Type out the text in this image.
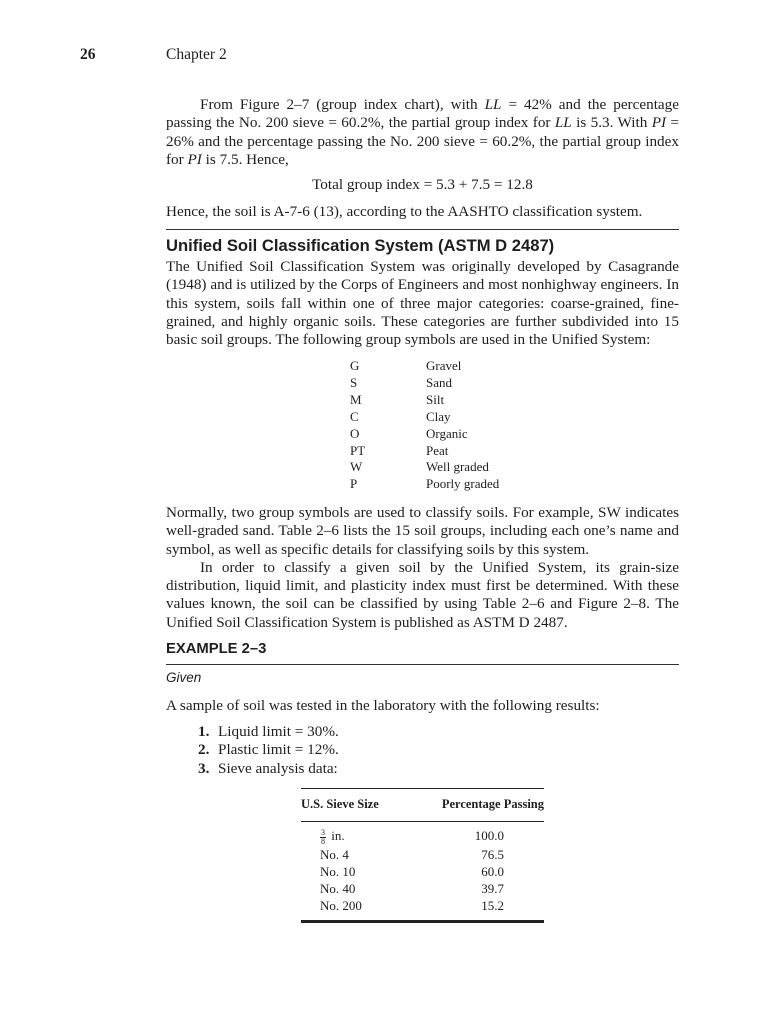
26	Chapter 2

From Figure 2–7 (group index chart), with LL = 42% and the percentage passing the No. 200 sieve = 60.2%, the partial group index for LL is 5.3. With PI = 26% and the percentage passing the No. 200 sieve = 60.2%, the partial group index for PI is 7.5. Hence,

Total group index = 5.3 + 7.5 = 12.8

Hence, the soil is A-7-6 (13), according to the AASHTO classification system.

Unified Soil Classification System (ASTM D 2487)

The Unified Soil Classification System was originally developed by Casagrande (1948) and is utilized by the Corps of Engineers and most nonhighway engineers. In this system, soils fall within one of three major categories: coarse-grained, fine-grained, and highly organic soils. These categories are further subdivided into 15 basic soil groups. The following group symbols are used in the Unified System:

G	Gravel
S	Sand
M	Silt
C	Clay
O	Organic
PT	Peat
W	Well graded
P	Poorly graded

Normally, two group symbols are used to classify soils. For example, SW indicates well-graded sand. Table 2–6 lists the 15 soil groups, including each one’s name and symbol, as well as specific details for classifying soils by this system.

In order to classify a given soil by the Unified System, its grain-size distribution, liquid limit, and plasticity index must first be determined. With these values known, the soil can be classified by using Table 2–6 and Figure 2–8. The Unified Soil Classification System is published as ASTM D 2487.

EXAMPLE 2–3
Given

A sample of soil was tested in the laboratory with the following results:

1. Liquid limit = 30%.
2. Plastic limit = 12%.
3. Sieve analysis data:
U.S. Sieve Size	Percentage Passing
$\frac{3}{8}$ in.	100.0
No. 4	76.5
No. 10	60.0
No. 40	39.7
No. 200	15.2
